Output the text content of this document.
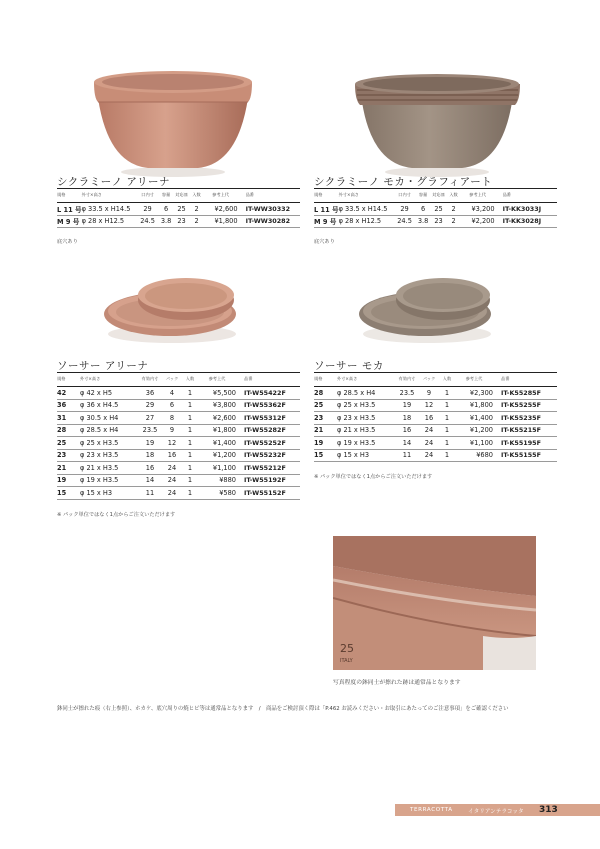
シクラミーノ アリーナ
規格	外寸×高さ	口内寸	容量	対応皿	入数	参考上代	品番
L 11 号	φ 33.5 x H14.5	29	6	25	2	¥2,600	IT-WW30332
M 9 号	φ 28 x H12.5	24.5	3.8	23	2	¥1,800	IT-WW30282
底穴あり
シクラミーノ モカ・グラフィアート
規格	外寸×高さ	口内寸	容量	対応皿	入数	参考上代	品番
L 11 号	φ 33.5 x H14.5	29	6	25	2	¥3,200	IT-KK3033J
M 9 号	φ 28 x H12.5	24.5	3.8	23	2	¥2,200	IT-KK3028J
底穴あり
ソーサー アリーナ
規格	外寸×高さ	有効内寸	パック	入数	参考上代	品番
42	φ 42 x H5	36	4	1	¥5,500	IT-W55422F
36	φ 36 x H4.5	29	6	1	¥3,800	IT-W55362F
31	φ 30.5 x H4	27	8	1	¥2,600	IT-W55312F
28	φ 28.5 x H4	23.5	9	1	¥1,800	IT-W55282F
25	φ 25 x H3.5	19	12	1	¥1,400	IT-W55252F
23	φ 23 x H3.5	18	16	1	¥1,200	IT-W55232F
21	φ 21 x H3.5	16	24	1	¥1,100	IT-W55212F
19	φ 19 x H3.5	14	24	1	¥880	IT-W55192F
15	φ 15 x H3	11	24	1	¥580	IT-W55152F
※ パック単位ではなく1点からご注文いただけます
ソーサー モカ
規格	外寸×高さ	有効内寸	パック	入数	参考上代	品番
28	φ 28.5 x H4	23.5	9	1	¥2,300	IT-K55285F
25	φ 25 x H3.5	19	12	1	¥1,800	IT-K55255F
23	φ 23 x H3.5	18	16	1	¥1,400	IT-K55235F
21	φ 21 x H3.5	16	24	1	¥1,200	IT-K55215F
19	φ 19 x H3.5	14	24	1	¥1,100	IT-K55195F
15	φ 15 x H3	11	24	1	¥680	IT-K55155F
※ パック単位ではなく1点からご注文いただけます
25
ITALY
写真程度の鉢同士が擦れた跡は通常品となります
鉢同士が擦れた痕（右上参照）、ホカケ、底穴周りの焼ヒビ等は通常品となります　/　商品をご検討頂く際は「P.462 お読みください・お取引にあたってのご注意事項」をご確認ください
TERRACOTTA	イタリアンテラコッタ 313
